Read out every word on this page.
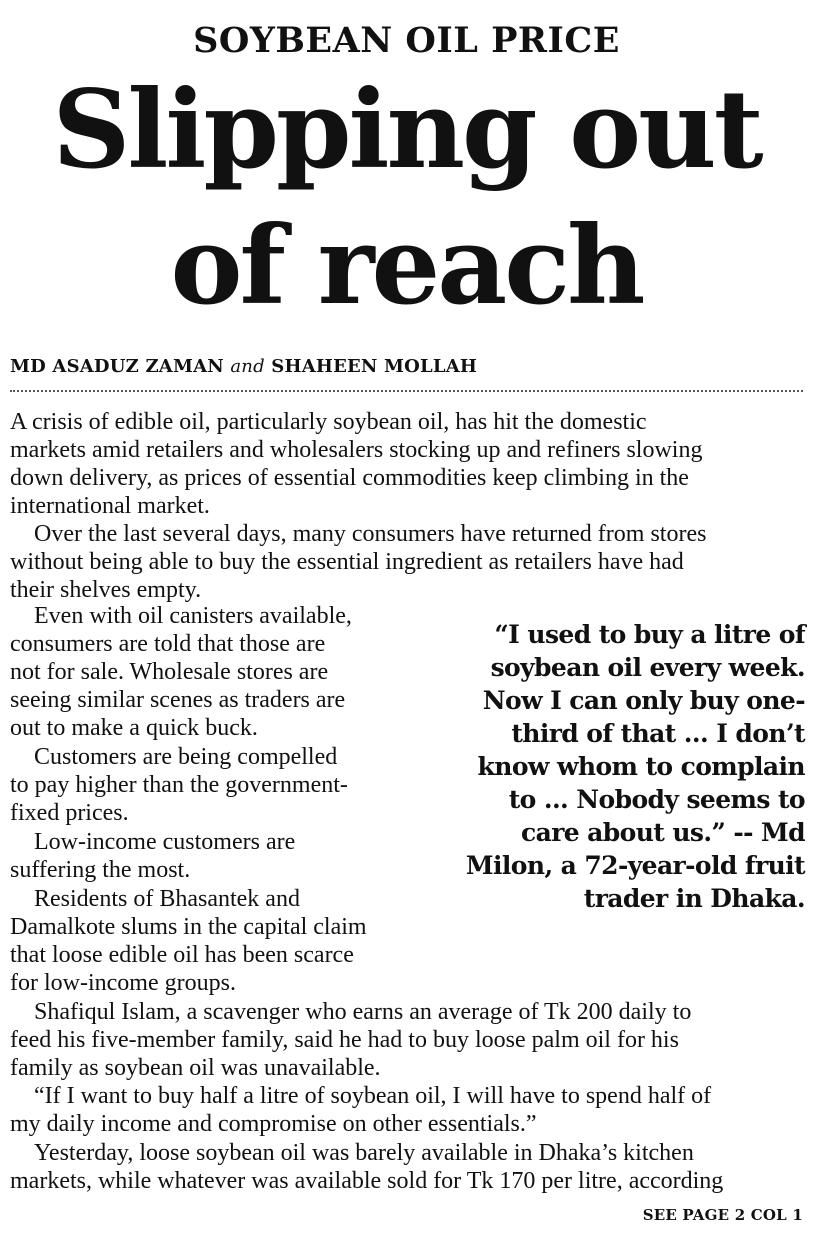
SOYBEAN OIL PRICE
Slipping out
of reach
MD ASADUZ ZAMAN and SHAHEEN MOLLAH
A crisis of edible oil, particularly soybean oil, has hit the domestic
markets amid retailers and wholesalers stocking up and refiners slowing
down delivery, as prices of essential commodities keep climbing in the
international market.
 Over the last several days, many consumers have returned from stores
without being able to buy the essential ingredient as retailers have had
their shelves empty.
 Even with oil canisters available,
consumers are told that those are
not for sale. Wholesale stores are
seeing similar scenes as traders are
out to make a quick buck.
 Customers are being compelled
to pay higher than the government-
fixed prices.
 Low-income customers are
suffering the most.
 Residents of Bhasantek and
Damalkote slums in the capital claim
that loose edible oil has been scarce
for low-income groups.
 Shafiqul Islam, a scavenger who earns an average of Tk 200 daily to
feed his five-member family, said he had to buy loose palm oil for his
family as soybean oil was unavailable.
 “If I want to buy half a litre of soybean oil, I will have to spend half of
my daily income and compromise on other essentials.”
 Yesterday, loose soybean oil was barely available in Dhaka’s kitchen
markets, while whatever was available sold for Tk 170 per litre, according
“I used to buy a litre of
soybean oil every week.
Now I can only buy one-
third of that ... I don’t
know whom to complain
to ... Nobody seems to
care about us.” -- Md
Milon, a 72-year-old fruit
trader in Dhaka.
SEE PAGE 2 COL 1
